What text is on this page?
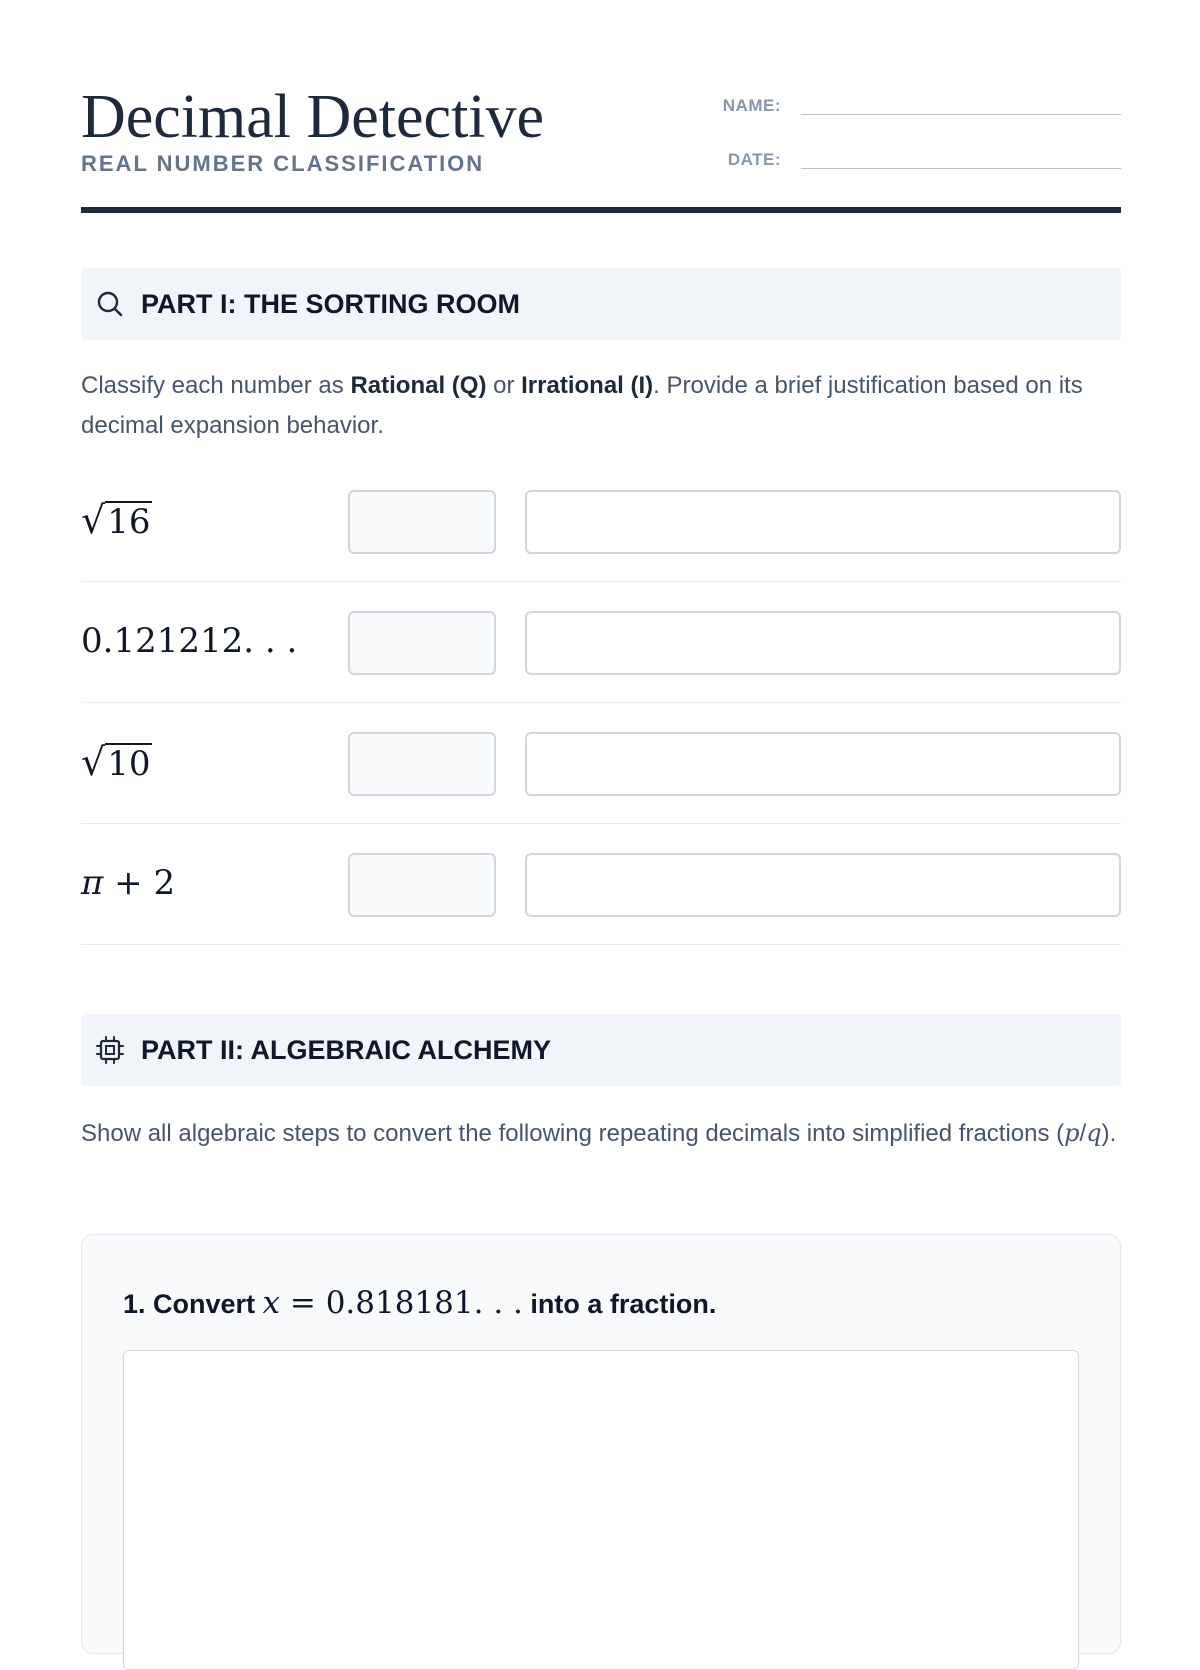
Decimal Detective
REAL NUMBER CLASSIFICATION
NAME:
DATE:
PART I: THE SORTING ROOM
Classify each number as Rational (Q) or Irrational (I). Provide a brief justification based on its decimal expansion behavior.
√16
0.121212. . .
√10
π + 2
PART II: ALGEBRAIC ALCHEMY
Show all algebraic steps to convert the following repeating decimals into simplified fractions (p/q).
1. Convert x = 0.818181. . . into a fraction.
